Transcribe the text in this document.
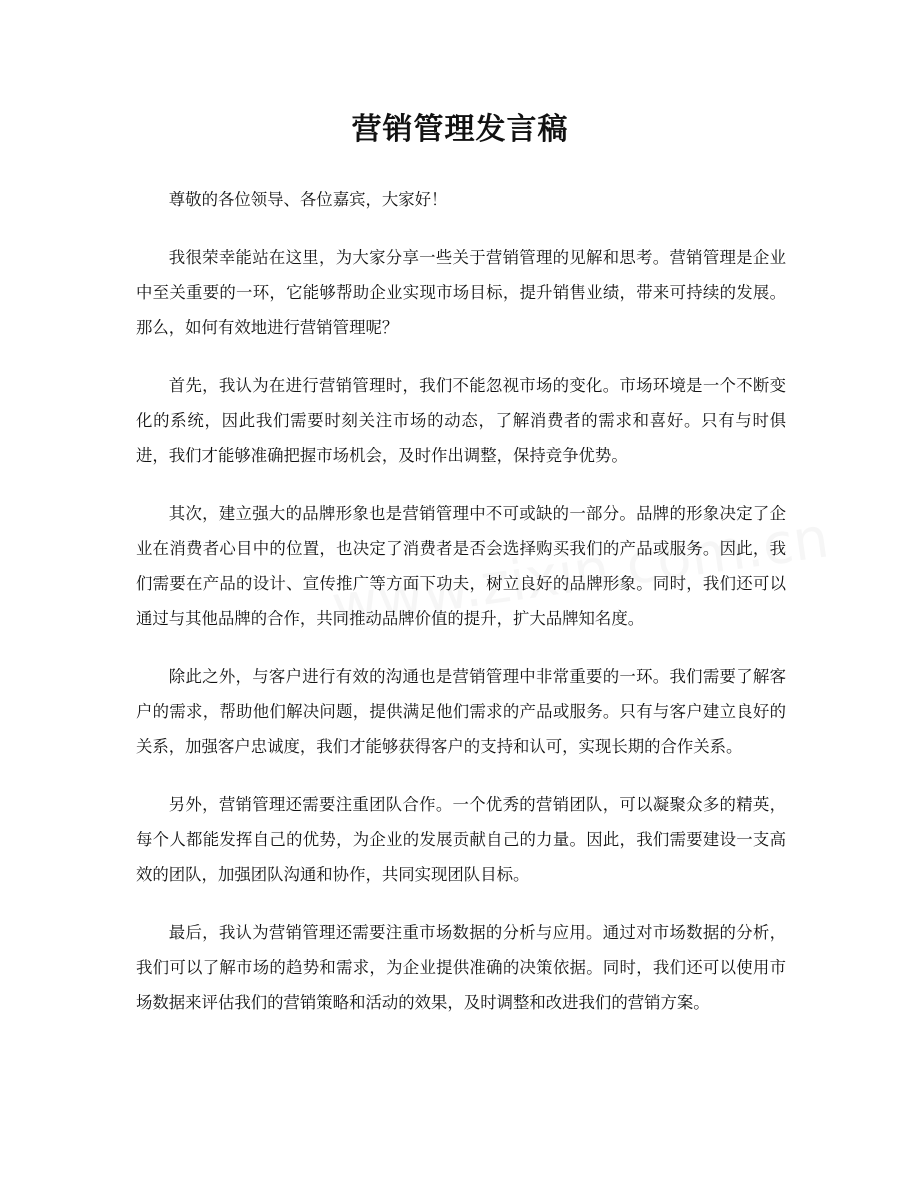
营销管理发言稿

尊敬的各位领导、各位嘉宾，大家好！

我很荣幸能站在这里，为大家分享一些关于营销管理的见解和思考。营销管理是企业中至关重要的一环，它能够帮助企业实现市场目标，提升销售业绩，带来可持续的发展。那么，如何有效地进行营销管理呢？

首先，我认为在进行营销管理时，我们不能忽视市场的变化。市场环境是一个不断变化的系统，因此我们需要时刻关注市场的动态，了解消费者的需求和喜好。只有与时俱进，我们才能够准确把握市场机会，及时作出调整，保持竞争优势。

其次，建立强大的品牌形象也是营销管理中不可或缺的一部分。品牌的形象决定了企业在消费者心目中的位置，也决定了消费者是否会选择购买我们的产品或服务。因此，我们需要在产品的设计、宣传推广等方面下功夫，树立良好的品牌形象。同时，我们还可以通过与其他品牌的合作，共同推动品牌价值的提升，扩大品牌知名度。

除此之外，与客户进行有效的沟通也是营销管理中非常重要的一环。我们需要了解客户的需求，帮助他们解决问题，提供满足他们需求的产品或服务。只有与客户建立良好的关系，加强客户忠诚度，我们才能够获得客户的支持和认可，实现长期的合作关系。

另外，营销管理还需要注重团队合作。一个优秀的营销团队，可以凝聚众多的精英，每个人都能发挥自己的优势，为企业的发展贡献自己的力量。因此，我们需要建设一支高效的团队，加强团队沟通和协作，共同实现团队目标。

最后，我认为营销管理还需要注重市场数据的分析与应用。通过对市场数据的分析，我们可以了解市场的趋势和需求，为企业提供准确的决策依据。同时，我们还可以使用市场数据来评估我们的营销策略和活动的效果，及时调整和改进我们的营销方案。
